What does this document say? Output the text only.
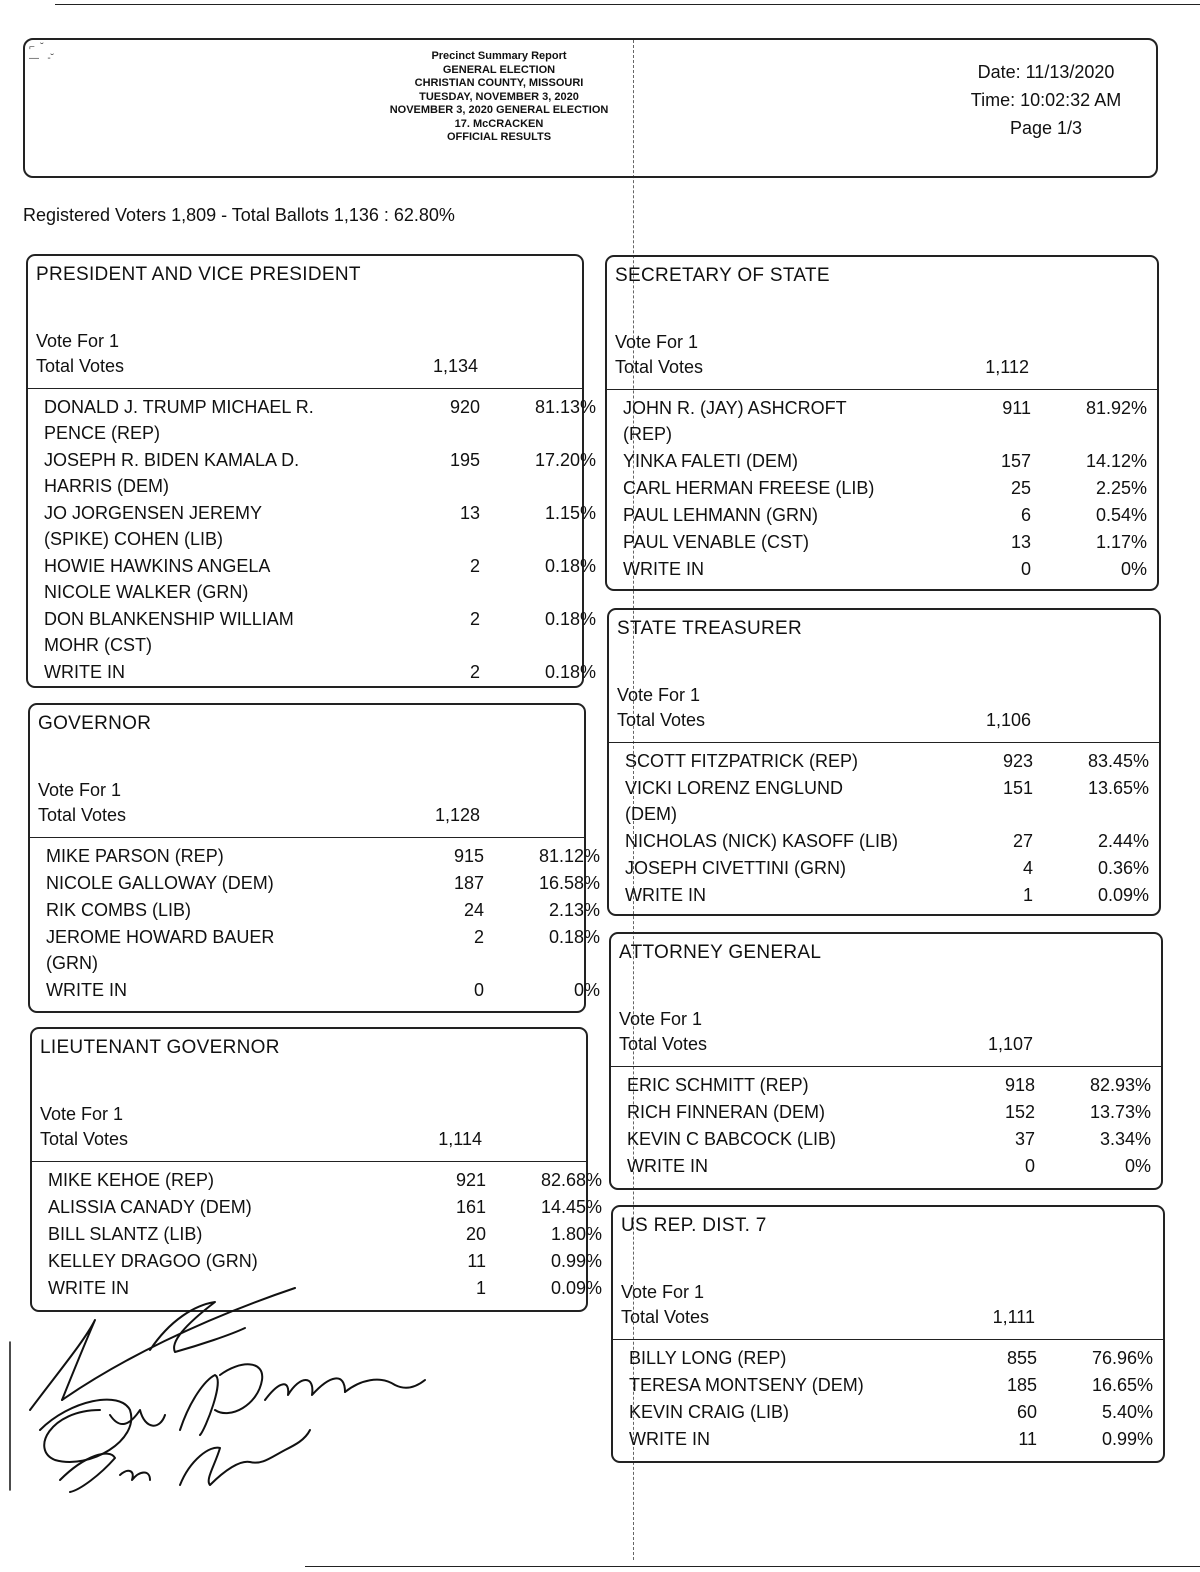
⌐  ˘
—   -˘	Precinct Summary Report
GENERAL ELECTION
CHRISTIAN COUNTY, MISSOURI
TUESDAY, NOVEMBER 3, 2020
NOVEMBER 3, 2020 GENERAL ELECTION
17. McCRACKEN
OFFICIAL RESULTS
Date: 11/13/2020
Time: 10:02:32 AM
Page 1/3
Registered Voters 1,809 - Total Ballots 1,136 : 62.80%
PRESIDENT AND VICE PRESIDENT
Vote For 1
Total Votes	1,134
DONALD J. TRUMP MICHAEL R.
PENCE (REP)
920	81.13%
JOSEPH R. BIDEN KAMALA D.
HARRIS (DEM)
195	17.20%
JO JORGENSEN JEREMY
(SPIKE) COHEN (LIB)
13	1.15%
HOWIE HAWKINS ANGELA
NICOLE WALKER (GRN)
2	0.18%
DON BLANKENSHIP WILLIAM
MOHR (CST)
2	0.18%
WRITE IN	2	0.18%
GOVERNOR
Vote For 1
Total Votes	1,128
MIKE PARSON (REP)	915	81.12%
NICOLE GALLOWAY (DEM)	187	16.58%
RIK COMBS (LIB)	24	2.13%
JEROME HOWARD BAUER
(GRN)
2	0.18%
WRITE IN	0	0%
LIEUTENANT GOVERNOR
Vote For 1
Total Votes	1,114
MIKE KEHOE (REP)	921	82.68%
ALISSIA CANADY (DEM)	161	14.45%
BILL SLANTZ (LIB)	20	1.80%
KELLEY DRAGOO (GRN)	11	0.99%
WRITE IN	1	0.09%
SECRETARY OF STATE
Vote For 1
Total Votes	1,112
JOHN R. (JAY) ASHCROFT
(REP)
911	81.92%
YINKA FALETI (DEM)	157	14.12%
CARL HERMAN FREESE (LIB)	25	2.25%
PAUL LEHMANN (GRN)	6	0.54%
PAUL VENABLE (CST)	13	1.17%
WRITE IN	0	0%
STATE TREASURER
Vote For 1
Total Votes	1,106
SCOTT FITZPATRICK (REP)	923	83.45%
VICKI LORENZ ENGLUND
(DEM)
151	13.65%
NICHOLAS (NICK) KASOFF (LIB)	27	2.44%
JOSEPH CIVETTINI (GRN)	4	0.36%
WRITE IN	1	0.09%
ATTORNEY GENERAL
Vote For 1
Total Votes	1,107
ERIC SCHMITT (REP)	918	82.93%
RICH FINNERAN (DEM)	152	13.73%
KEVIN C BABCOCK (LIB)	37	3.34%
WRITE IN	0	0%
US REP. DIST. 7
Vote For 1
Total Votes	1,111
BILLY LONG (REP)	855	76.96%
TERESA MONTSENY (DEM)	185	16.65%
KEVIN CRAIG (LIB)	60	5.40%
WRITE IN	11	0.99%
